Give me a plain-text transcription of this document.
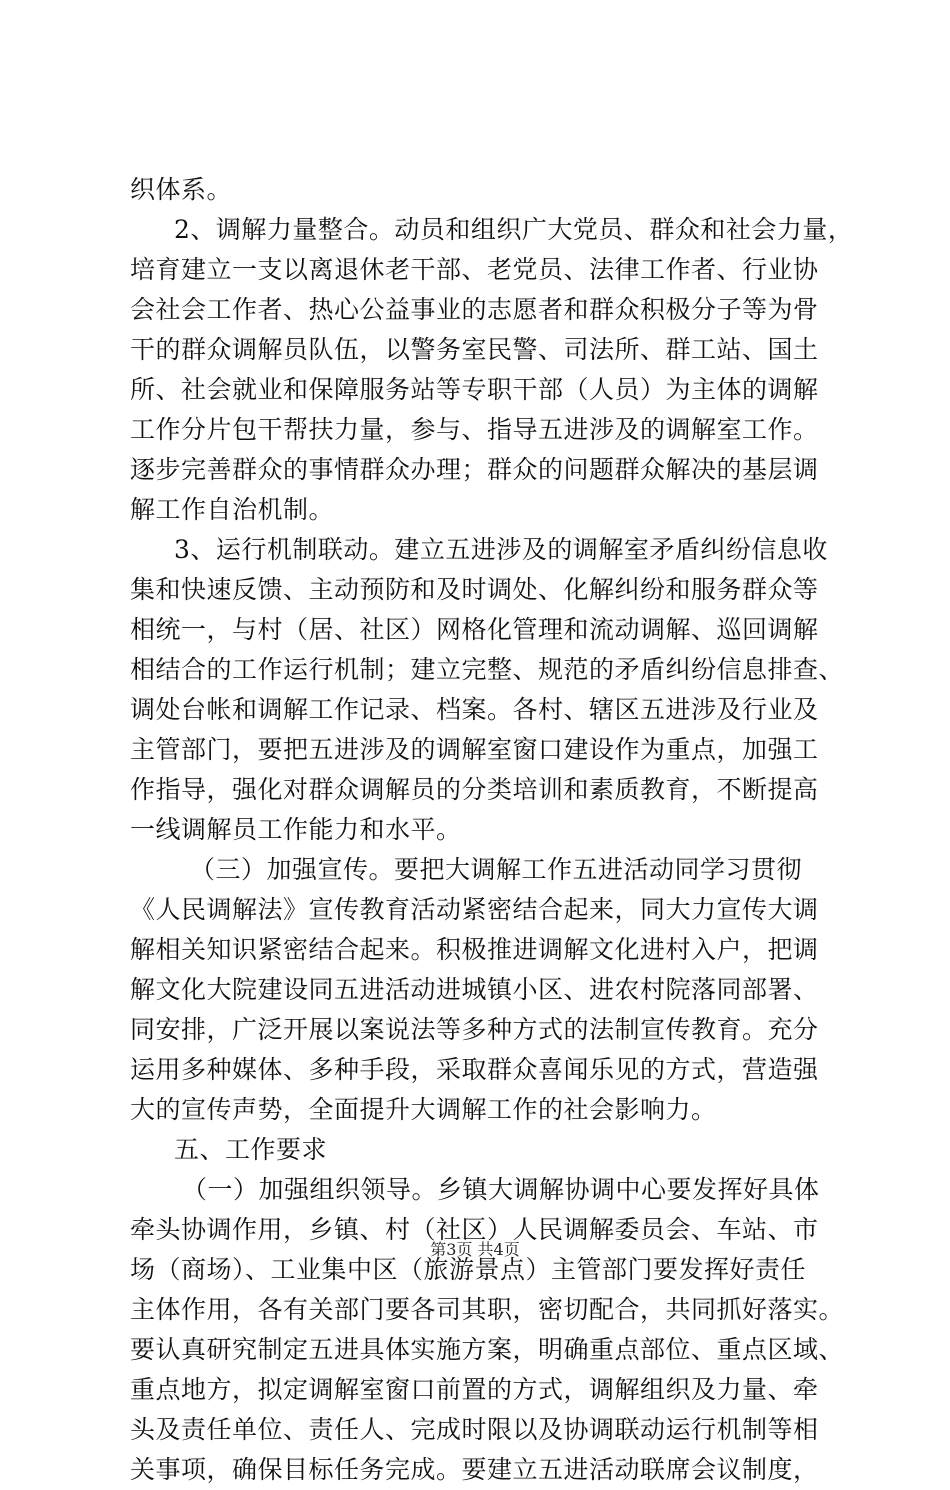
织体系。
2、调解力量整合。动员和组织广大党员、群众和社会力量，
培育建立一支以离退休老干部、老党员、法律工作者、行业协
会社会工作者、热心公益事业的志愿者和群众积极分子等为骨
干的群众调解员队伍，以警务室民警、司法所、群工站、国土
所、社会就业和保障服务站等专职干部（人员）为主体的调解
工作分片包干帮扶力量，参与、指导五进涉及的调解室工作。
逐步完善群众的事情群众办理；群众的问题群众解决的基层调
解工作自治机制。
3、运行机制联动。建立五进涉及的调解室矛盾纠纷信息收
集和快速反馈、主动预防和及时调处、化解纠纷和服务群众等
相统一，与村（居、社区）网格化管理和流动调解、巡回调解
相结合的工作运行机制；建立完整、规范的矛盾纠纷信息排查、
调处台帐和调解工作记录、档案。各村、辖区五进涉及行业及
主管部门，要把五进涉及的调解室窗口建设作为重点，加强工
作指导，强化对群众调解员的分类培训和素质教育，不断提高
一线调解员工作能力和水平。
（三）加强宣传。要把大调解工作五进活动同学习贯彻
《人民调解法》宣传教育活动紧密结合起来，同大力宣传大调
解相关知识紧密结合起来。积极推进调解文化进村入户，把调
解文化大院建设同五进活动进城镇小区、进农村院落同部署、
同安排，广泛开展以案说法等多种方式的法制宣传教育。充分
运用多种媒体、多种手段，采取群众喜闻乐见的方式，营造强
大的宣传声势，全面提升大调解工作的社会影响力。
五、工作要求
（一）加强组织领导。乡镇大调解协调中心要发挥好具体
牵头协调作用，乡镇、村（社区）人民调解委员会、车站、市
场（商场）、工业集中区（旅游景点）主管部门要发挥好责任
主体作用，各有关部门要各司其职，密切配合，共同抓好落实。
要认真研究制定五进具体实施方案，明确重点部位、重点区域、
重点地方，拟定调解室窗口前置的方式，调解组织及力量、牵
头及责任单位、责任人、完成时限以及协调联动运行机制等相
关事项，确保目标任务完成。要建立五进活动联席会议制度，
第3页 共4页
